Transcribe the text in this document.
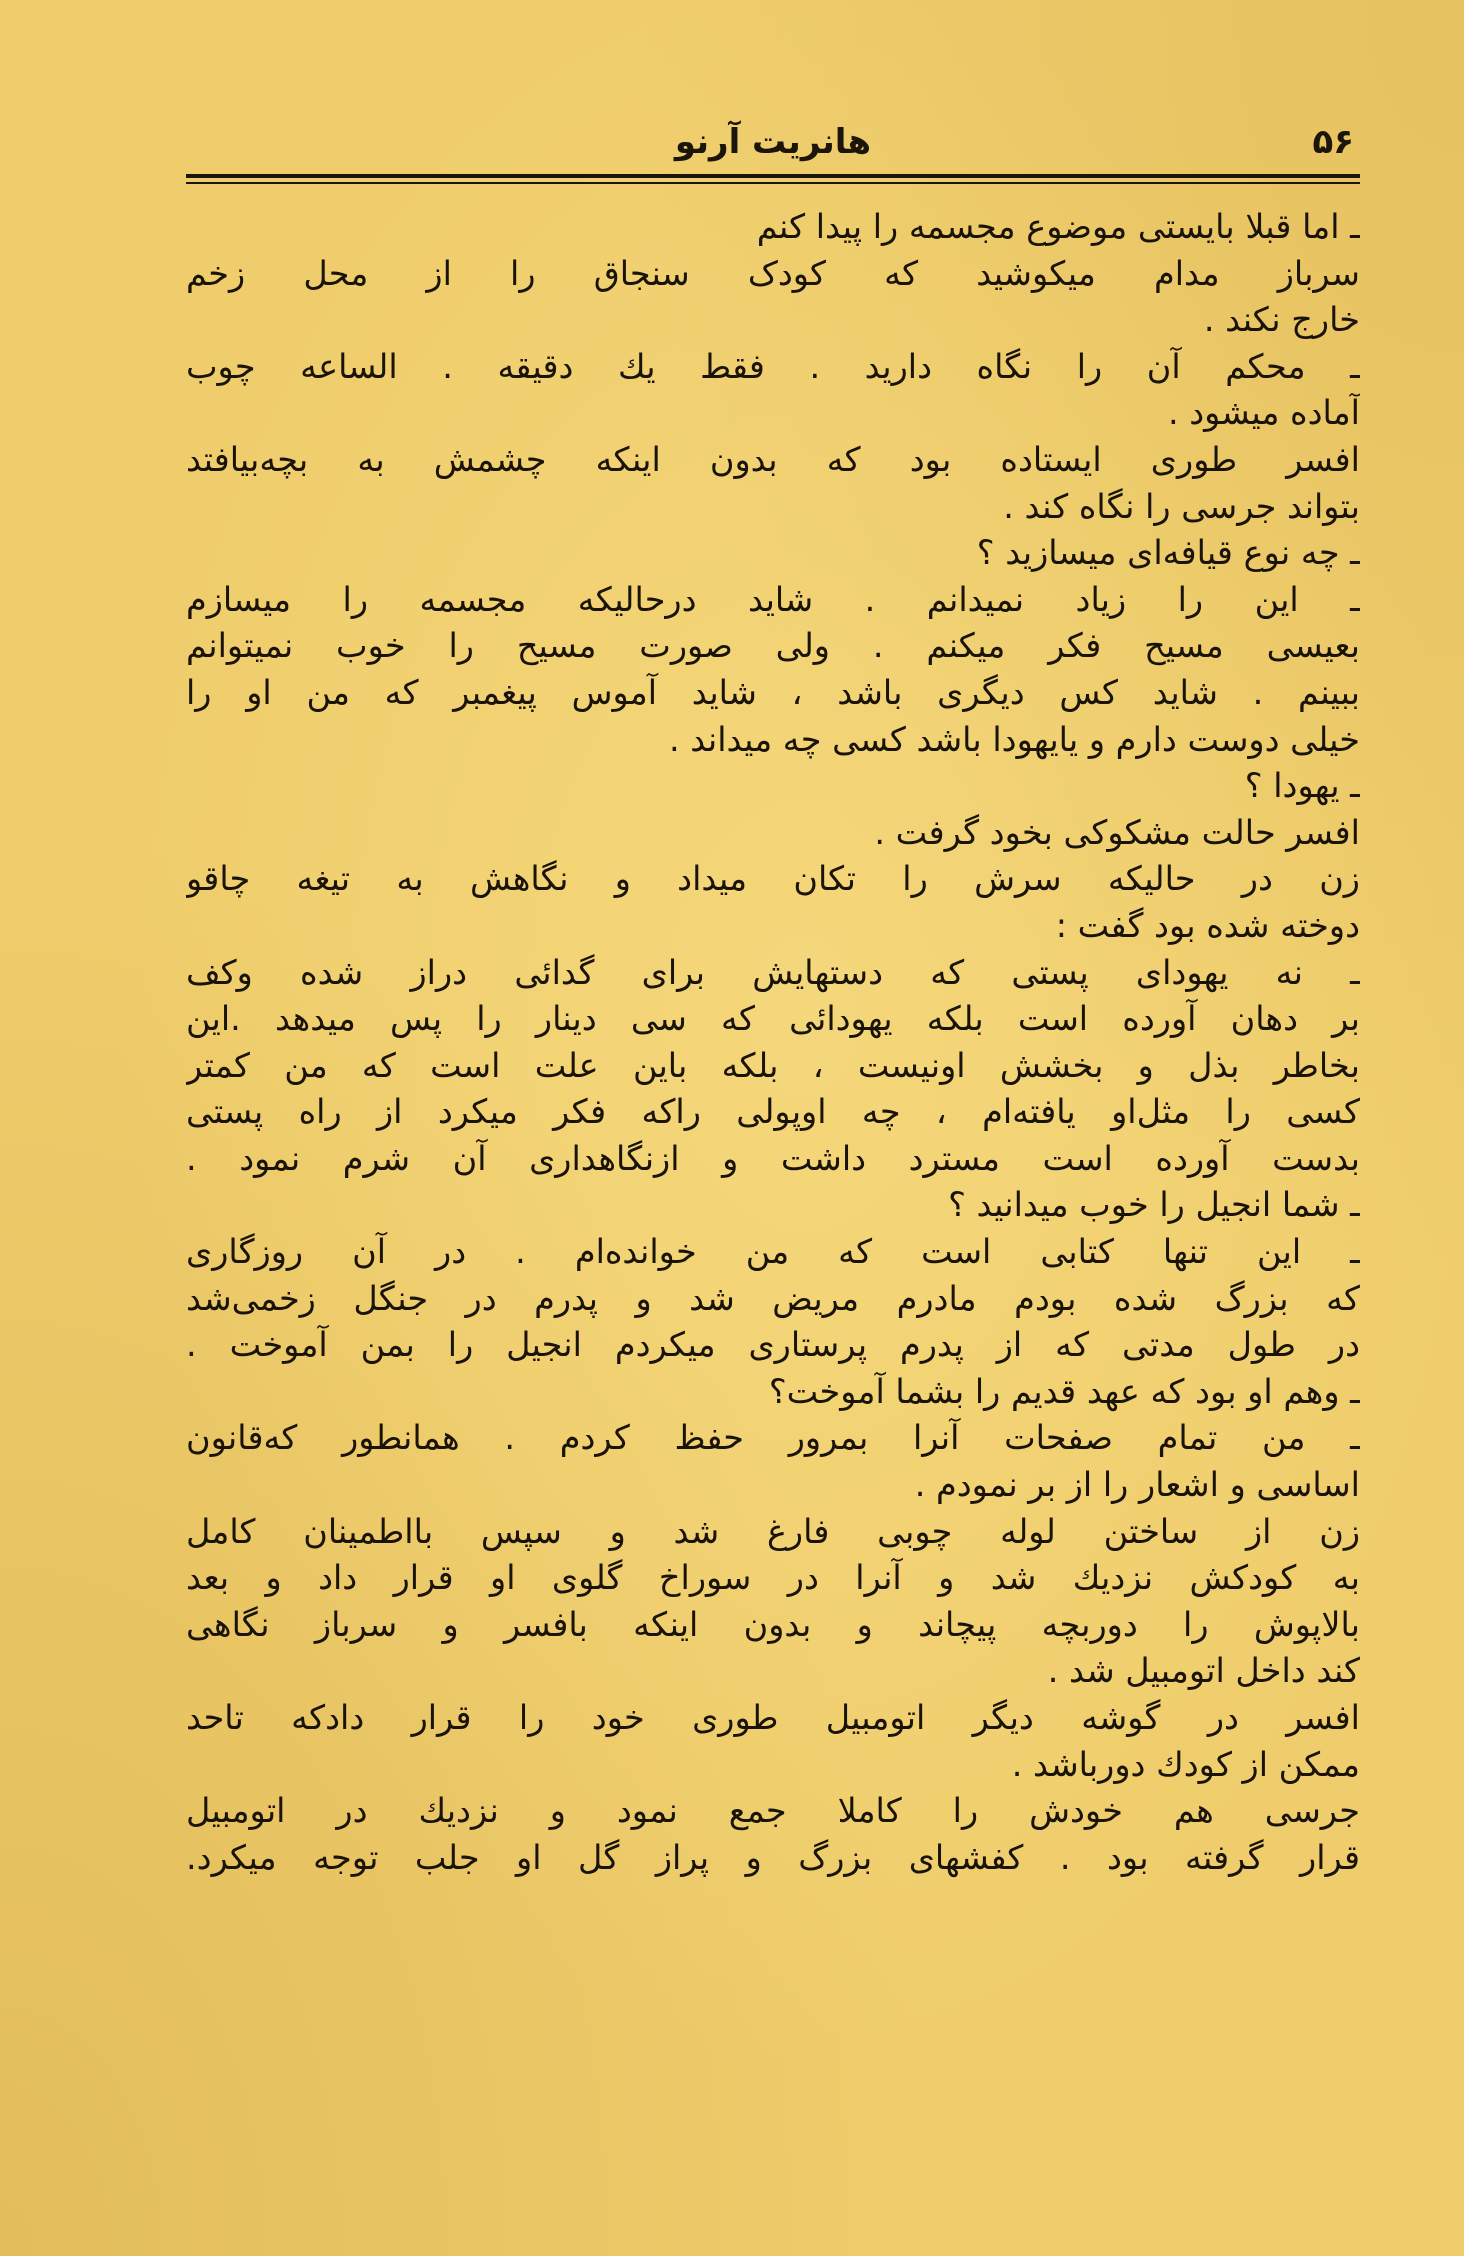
۵۶
هانریت آرنو
ـ اما قبلا بایستی موضوع مجسمه را پیدا کنم
سرباز مدام میکوشید که کودک سنجاق را از محل زخم
خارج نکند .
ـ محکم آن را نگاه دارید . فقط یك دقیقه . الساعه چوب
آماده میشود .
افسر طوری ایستاده بود که بدون اینکه چشمش به بچه‌بیافتد
بتواند جرسی را نگاه کند .
ـ چه نوع قیافه‌ای میسازید ؟
ـ این را زیاد نمیدانم . شاید درحالیکه مجسمه را میسازم
بعیسی مسیح فکر میکنم . ولی صورت مسیح را خوب نمیتوانم
ببینم . شاید کس دیگری باشد ، شاید آموس پیغمبر که من او را
خیلی دوست دارم و یایهودا باشد کسی چه میداند .
ـ یهودا ؟
افسر حالت مشکوکی بخود گرفت .
زن در حالیکه سرش را تکان میداد و نگاهش به تیغه چاقو
دوخته شده بود گفت :
ـ نه یهودای پستی که دستهایش برای گدائی دراز شده وکف
بر دهان آورده است بلکه یهودائی که سی دینار را پس میدهد .این
بخاطر بذل و بخشش اونیست ، بلکه باین علت است که من کمتر
کسی را مثل‌او یافته‌ام ، چه اوپولی راکه فکر میکرد از راه پستی
بدست آورده است مسترد داشت و ازنگاهداری آن شرم نمود .
ـ شما انجیل را خوب میدانید ؟
ـ این تنها کتابی است که من خوانده‌ام . در آن روزگاری
که بزرگ شده بودم مادرم مریض شد و پدرم در جنگل زخمی‌شد
در طول مدتی که از پدرم پرستاری میکردم انجیل را بمن آموخت .
ـ وهم او بود که عهد قدیم را بشما آموخت؟
ـ من تمام صفحات آنرا بمرور حفظ کردم . همانطور که‌قانون
اساسی و اشعار را از بر نمودم .
زن از ساختن لوله چوبی فارغ شد و سپس بااطمینان کامل
به کودکش نزدیك شد و آنرا در سوراخ گلوی او قرار داد و بعد
بالاپوش را دوربچه پیچاند و بدون اینکه بافسر و سرباز نگاهی
کند داخل اتومبیل شد .
افسر در گوشه دیگر اتومبیل طوری خود را قرار دادکه تاحد
ممکن از کودك دورباشد .
جرسی هم خودش را کاملا جمع نمود و نزدیك در اتومبیل
قرار گرفته بود . کفشهای بزرگ و پراز گل او جلب توجه میکرد.
